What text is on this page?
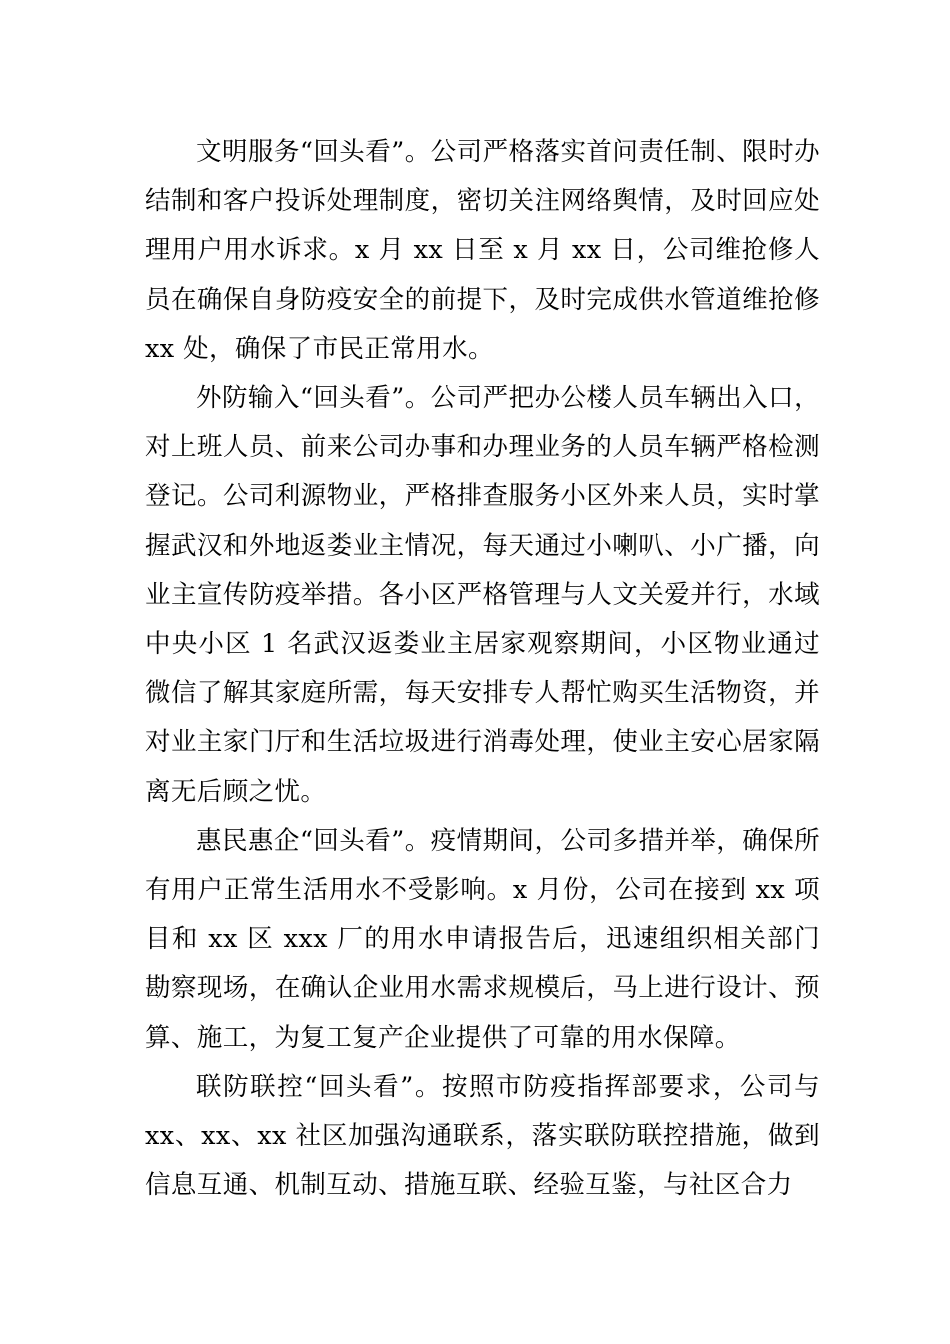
文明服务“回头看”。公司严格落实首问责任制、限时办结制和客户投诉处理制度，密切关注网络舆情，及时回应处理用户用水诉求。x 月 xx 日至 x 月 xx 日，公司维抢修人员在确保自身防疫安全的前提下，及时完成供水管道维抢修 xx 处，确保了市民正常用水。

外防输入“回头看”。公司严把办公楼人员车辆出入口，对上班人员、前来公司办事和办理业务的人员车辆严格检测登记。公司利源物业，严格排查服务小区外来人员，实时掌握武汉和外地返娄业主情况，每天通过小喇叭、小广播，向业主宣传防疫举措。各小区严格管理与人文关爱并行，水域中央小区 1 名武汉返娄业主居家观察期间，小区物业通过微信了解其家庭所需，每天安排专人帮忙购买生活物资，并对业主家门厅和生活垃圾进行消毒处理，使业主安心居家隔离无后顾之忧。

惠民惠企“回头看”。疫情期间，公司多措并举，确保所有用户正常生活用水不受影响。x 月份，公司在接到 xx 项目和 xx 区 xxx 厂的用水申请报告后，迅速组织相关部门勘察现场，在确认企业用水需求规模后，马上进行设计、预算、施工，为复工复产企业提供了可靠的用水保障。

联防联控“回头看”。按照市防疫指挥部要求，公司与 xx、xx、xx 社区加强沟通联系，落实联防联控措施，做到信息互通、机制互动、措施互联、经验互鉴，与社区合力
